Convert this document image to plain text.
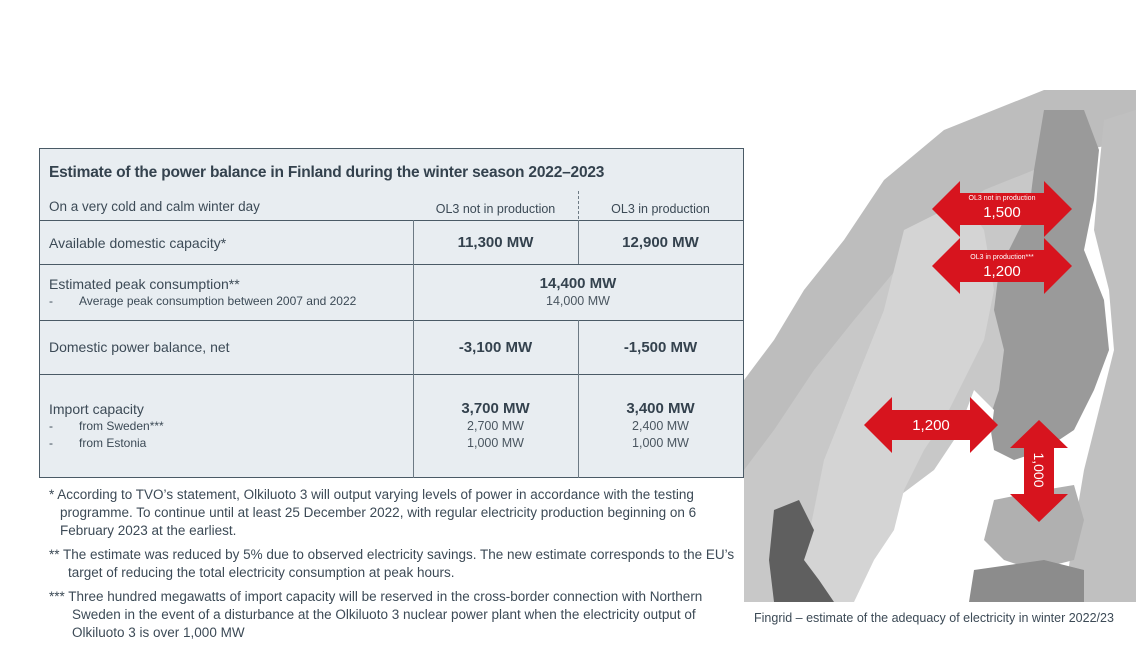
Estimate of the power balance in Finland during the winter season 2022–2023
On a very cold and calm winter day	OL3 not in production	OL3 in production
Available domestic capacity*	11,300 MW	12,900 MW
Estimated peak consumption**
- Average peak consumption between 2007 and 2022
14,400 MW
14,000 MW
Domestic power balance, net	-3,100 MW	-1,500 MW
Import capacity
- from Sweden***
- from Estonia
3,700 MW	3,400 MW
2,700 MW	2,400 MW
1,000 MW	1,000 MW
* According to TVO’s statement, Olkiluoto 3 will output varying levels of power in accordance with the testing programme. To continue until at least 25 December 2022, with regular electricity production beginning on 6 February 2023 at the earliest.
** The estimate was reduced by 5% due to observed electricity savings. The new estimate corresponds to the EU’s target of reducing the total electricity consumption at peak hours.
*** Three hundred megawatts of import capacity will be reserved in the cross-border connection with Northern Sweden in the event of a disturbance at the Olkiluoto 3 nuclear power plant when the electricity output of Olkiluoto 3 is over 1,000 MW
OL3 not in production
1,500
OL3 in production***
1,200
1,200
1,000
Fingrid – estimate of the adequacy of electricity in winter 2022/23
